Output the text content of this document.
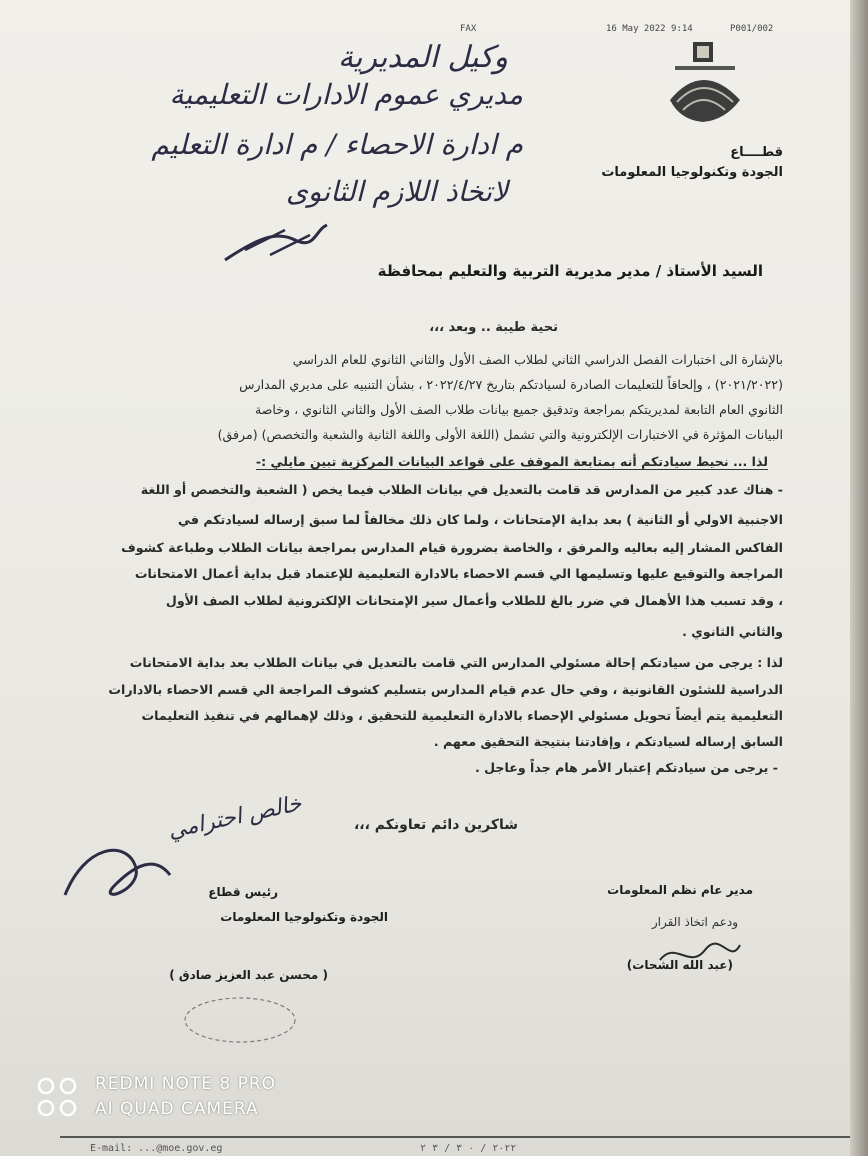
FAX	16 May 2022 9:14	P001/002
وكيل المديرية
مديري عموم الادارات التعليمية
م ادارة الاحصاء / م ادارة التعليم
لاتخاذ اللازم الثانوى
قطــــاع
الجودة وتكنولوجيا المعلومات
السيد الأستاذ / مدير مديرية التربية والتعليم بمحافظة
تحية طيبة .. وبعد ،،،
بالإشارة الى اختبارات الفصل الدراسي الثاني لطلاب الصف الأول والثاني الثانوي للعام الدراسي
(٢٠٢١/٢٠٢٢) ، وإلحاقاً للتعليمات الصادرة لسيادتكم بتاريخ ٢٠٢٢/٤/٢٧ ، بشأن التنبيه على مديري المدارس
الثانوي العام التابعة لمديريتكم بمراجعة وتدقيق جميع بيانات طلاب الصف الأول والثاني الثانوي ، وخاصة
البيانات المؤثرة في الاختبارات الإلكترونية والتي تشمل (اللغة الأولى واللغة الثانية والشعبة والتخصص) (مرفق)
لذا ... نحيط سيادتكم أنه بمتابعة الموقف على قواعد البيانات المركزية تبين مايلي :-
- هناك عدد كبير من المدارس قد قامت بالتعديل في بيانات الطلاب فيما يخص ( الشعبة والتخصص أو اللغة
الاجنبية الاولي أو الثانية ) بعد بداية الإمتحانات ، ولما كان ذلك مخالفاً لما سبق إرساله لسيادتكم في
الفاكس المشار إليه بعاليه والمرفق ، والخاصة بضرورة قيام المدارس بمراجعة بيانات الطلاب وطباعة كشوف
المراجعة والتوقيع عليها وتسليمها الي قسم الاحصاء بالادارة التعليمية للإعتماد قبل بداية أعمال الامتحانات
، وقد تسبب هذا الأهمال في ضرر بالغ للطلاب وأعمال سير الإمتحانات الإلكترونية لطلاب الصف الأول
والثاني الثانوي .
لذا : يرجى من سيادتكم إحالة مسئولي المدارس التي قامت بالتعديل في بيانات الطلاب بعد بداية الامتحانات
الدراسية للشئون القانونية ، وفي حال عدم قيام المدارس بتسليم كشوف المراجعة الي قسم الاحصاء بالادارات
التعليمية يتم أيضاً تحويل مسئولي الإحصاء بالادارة التعليمية للتحقيق ، وذلك لإهمالهم في تنفيذ التعليمات
السابق إرساله لسيادتكم ، وإفادتنا بنتيجة التحقيق معهم .
- يرجى من سيادتكم إعتبار الأمر هام جداً وعاجل .
شاكرين دائم تعاونكم ،،،
مدير عام نظم المعلومات
ودعم اتخاذ القرار
(عبد الله الشحات)
خالص احترامي
رئيس قطاع
الجودة وتكنولوجيا المعلومات
( محسن عبد العزيز صادق )
REDMI NOTE 8 PRO
AI QUAD CAMERA
E-mail: ...@moe.gov.eg	٢٠٢٢ / ٠ ٣ / ٣ ٢
